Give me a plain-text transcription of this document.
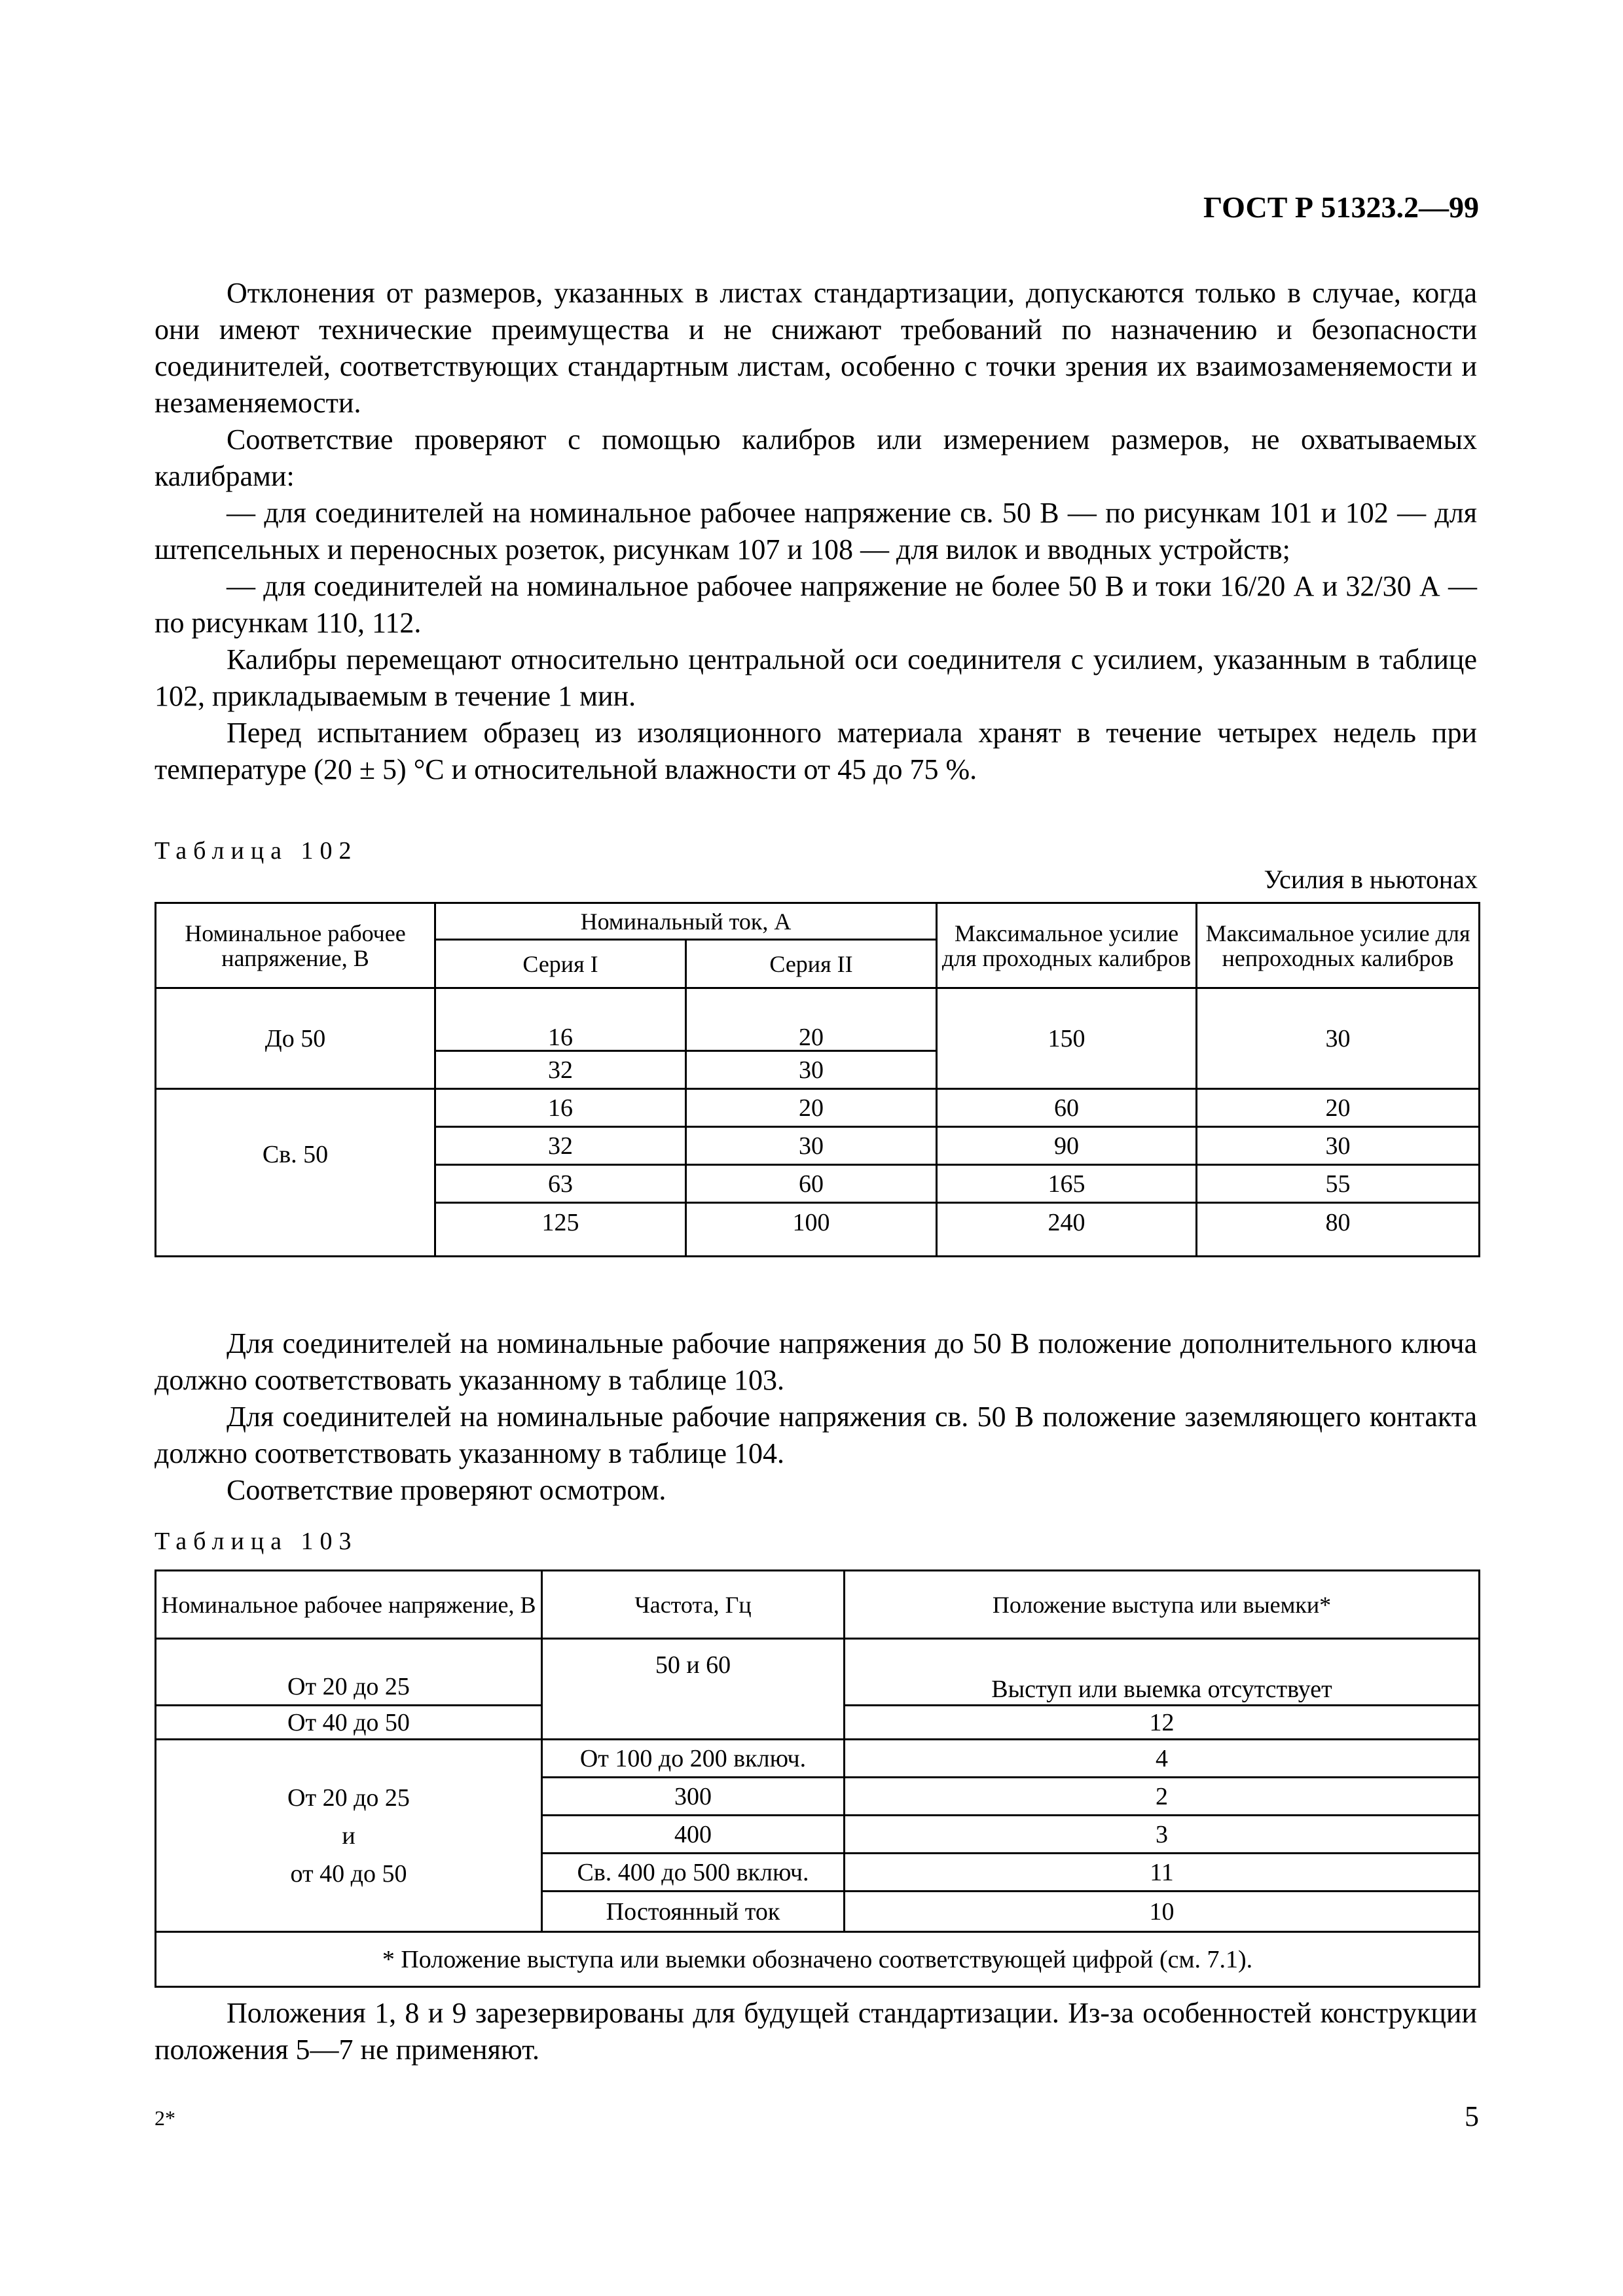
ГОСТ Р 51323.2—99

Отклонения от размеров, указанных в листах стандартизации, допускаются только в случае, когда они имеют технические преимущества и не снижают требований по назначению и безопасности соединителей, соответствующих стандартным листам, особенно с точки зрения их взаимозаменяемости и незаменяемости.

Соответствие проверяют с помощью калибров или измерением размеров, не охватываемых калибрами:

— для соединителей на номинальное рабочее напряжение св. 50 В — по рисункам 101 и 102 — для штепсельных и переносных розеток, рисункам 107 и 108 — для вилок и вводных устройств;

— для соединителей на номинальное рабочее напряжение не более 50 В и токи 16/20 А и 32/30 А — по рисункам 110, 112.

Калибры перемещают относительно центральной оси соединителя с усилием, указанным в таблице 102, прикладываемым в течение 1 мин.

Перед испытанием образец из изоляционного материала хранят в течение четырех недель при температуре (20 ± 5) °С и относительной влажности от 45 до 75 %.

Таблица 102
Усилия в ньютонах
Номинальное рабочее напряжение, В	Номинальный ток, А		Максимальное усилие для проходных калибров	Максимальное усилие для непроходных калибров
	Серия I	Серия II		
До 50	16	20	150	30
	32	30		
Св. 50	16	20	60	20
	32	30	90	30
	63	60	165	55
	125	100	240	80

Для соединителей на номинальные рабочие напряжения до 50 В положение дополнительного ключа должно соответствовать указанному в таблице 103.

Для соединителей на номинальные рабочие напряжения св. 50 В положение заземляющего контакта должно соответствовать указанному в таблице 104.

Соответствие проверяют осмотром.

Таблица 103
Номинальное рабочее напряжение, В	Частота, Гц	Положение выступа или выемки*
От 20 до 25	50 и 60	Выступ или выемка отсутствует
От 40 до 50		12

От 20 до 25
и
от 40 до 50	От 100 до 200 включ.	4
	300	2
	400	3
	Св. 400 до 500 включ.	11
	Постоянный ток	10
* Положение выступа или выемки обозначено соответствующей цифрой (см. 7.1).		

Положения 1, 8 и 9 зарезервированы для будущей стандартизации. Из-за особенностей конструкции положения 5—7 не применяют.

2*	5
